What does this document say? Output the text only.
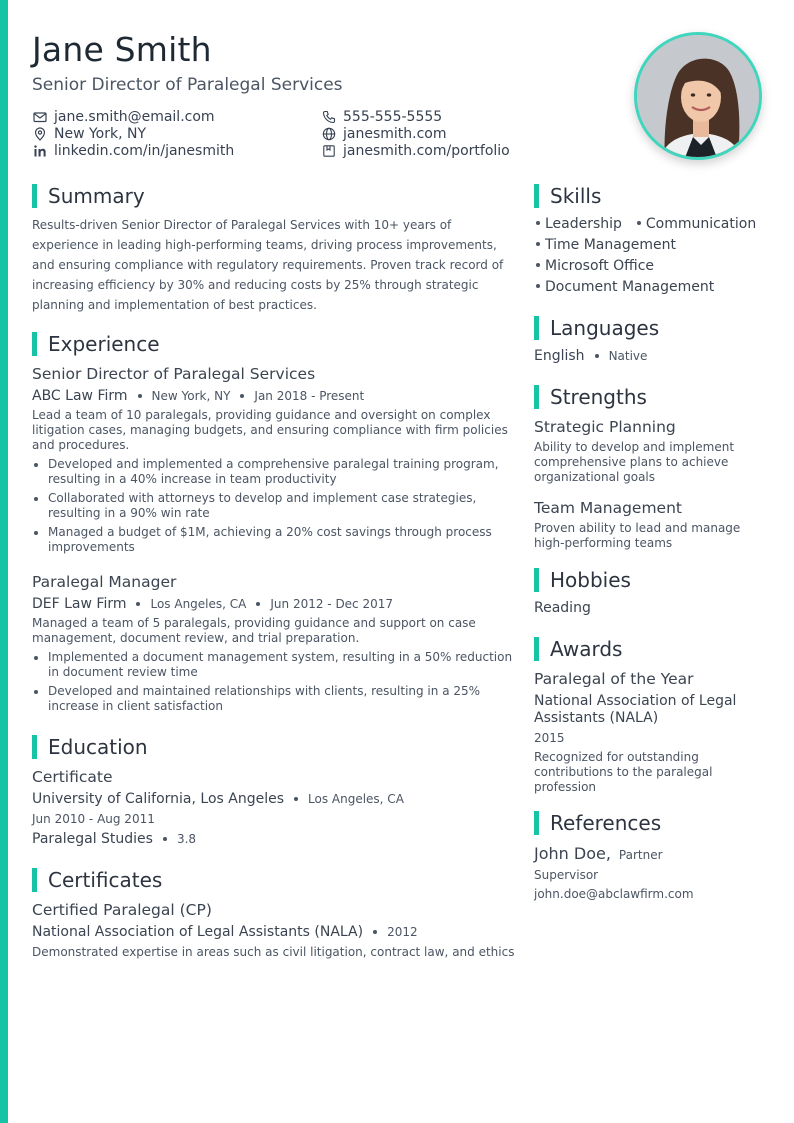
Jane Smith
Senior Director of Paralegal Services
jane.smith@email.com
New York, NY
linkedin.com/in/janesmith
555-555-5555
janesmith.com
janesmith.com/portfolio
Summary
Results-driven Senior Director of Paralegal Services with 10+ years of experience in leading high-performing teams, driving process improvements, and ensuring compliance with regulatory requirements. Proven track record of increasing efficiency by 30% and reducing costs by 25% through strategic planning and implementation of best practices.
Experience
Senior Director of Paralegal Services
ABC Law Firm New York, NY Jan 2018 - Present
Lead a team of 10 paralegals, providing guidance and oversight on complex litigation cases, managing budgets, and ensuring compliance with firm policies and procedures.
Developed and implemented a comprehensive paralegal training program, resulting in a 40% increase in team productivity
Collaborated with attorneys to develop and implement case strategies, resulting in a 90% win rate
Managed a budget of $1M, achieving a 20% cost savings through process improvements
Paralegal Manager
DEF Law Firm Los Angeles, CA Jun 2012 - Dec 2017
Managed a team of 5 paralegals, providing guidance and support on case management, document review, and trial preparation.
Implemented a document management system, resulting in a 50% reduction in document review time
Developed and maintained relationships with clients, resulting in a 25% increase in client satisfaction
Education
Certificate
University of California, Los Angeles Los Angeles, CA
Jun 2010 - Aug 2011
Paralegal Studies 3.8
Certificates
Certified Paralegal (CP)
National Association of Legal Assistants (NALA) 2012
Demonstrated expertise in areas such as civil litigation, contract law, and ethics
Skills
Leadership Communication
Time Management
Microsoft Office
Document Management
Languages
English Native
Strengths
Strategic Planning
Ability to develop and implement comprehensive plans to achieve organizational goals
Team Management
Proven ability to lead and manage high-performing teams
Hobbies
Reading
Awards
Paralegal of the Year
National Association of Legal Assistants (NALA)
2015
Recognized for outstanding contributions to the paralegal profession
References
John Doe, Partner
Supervisor
john.doe@abclawfirm.com
